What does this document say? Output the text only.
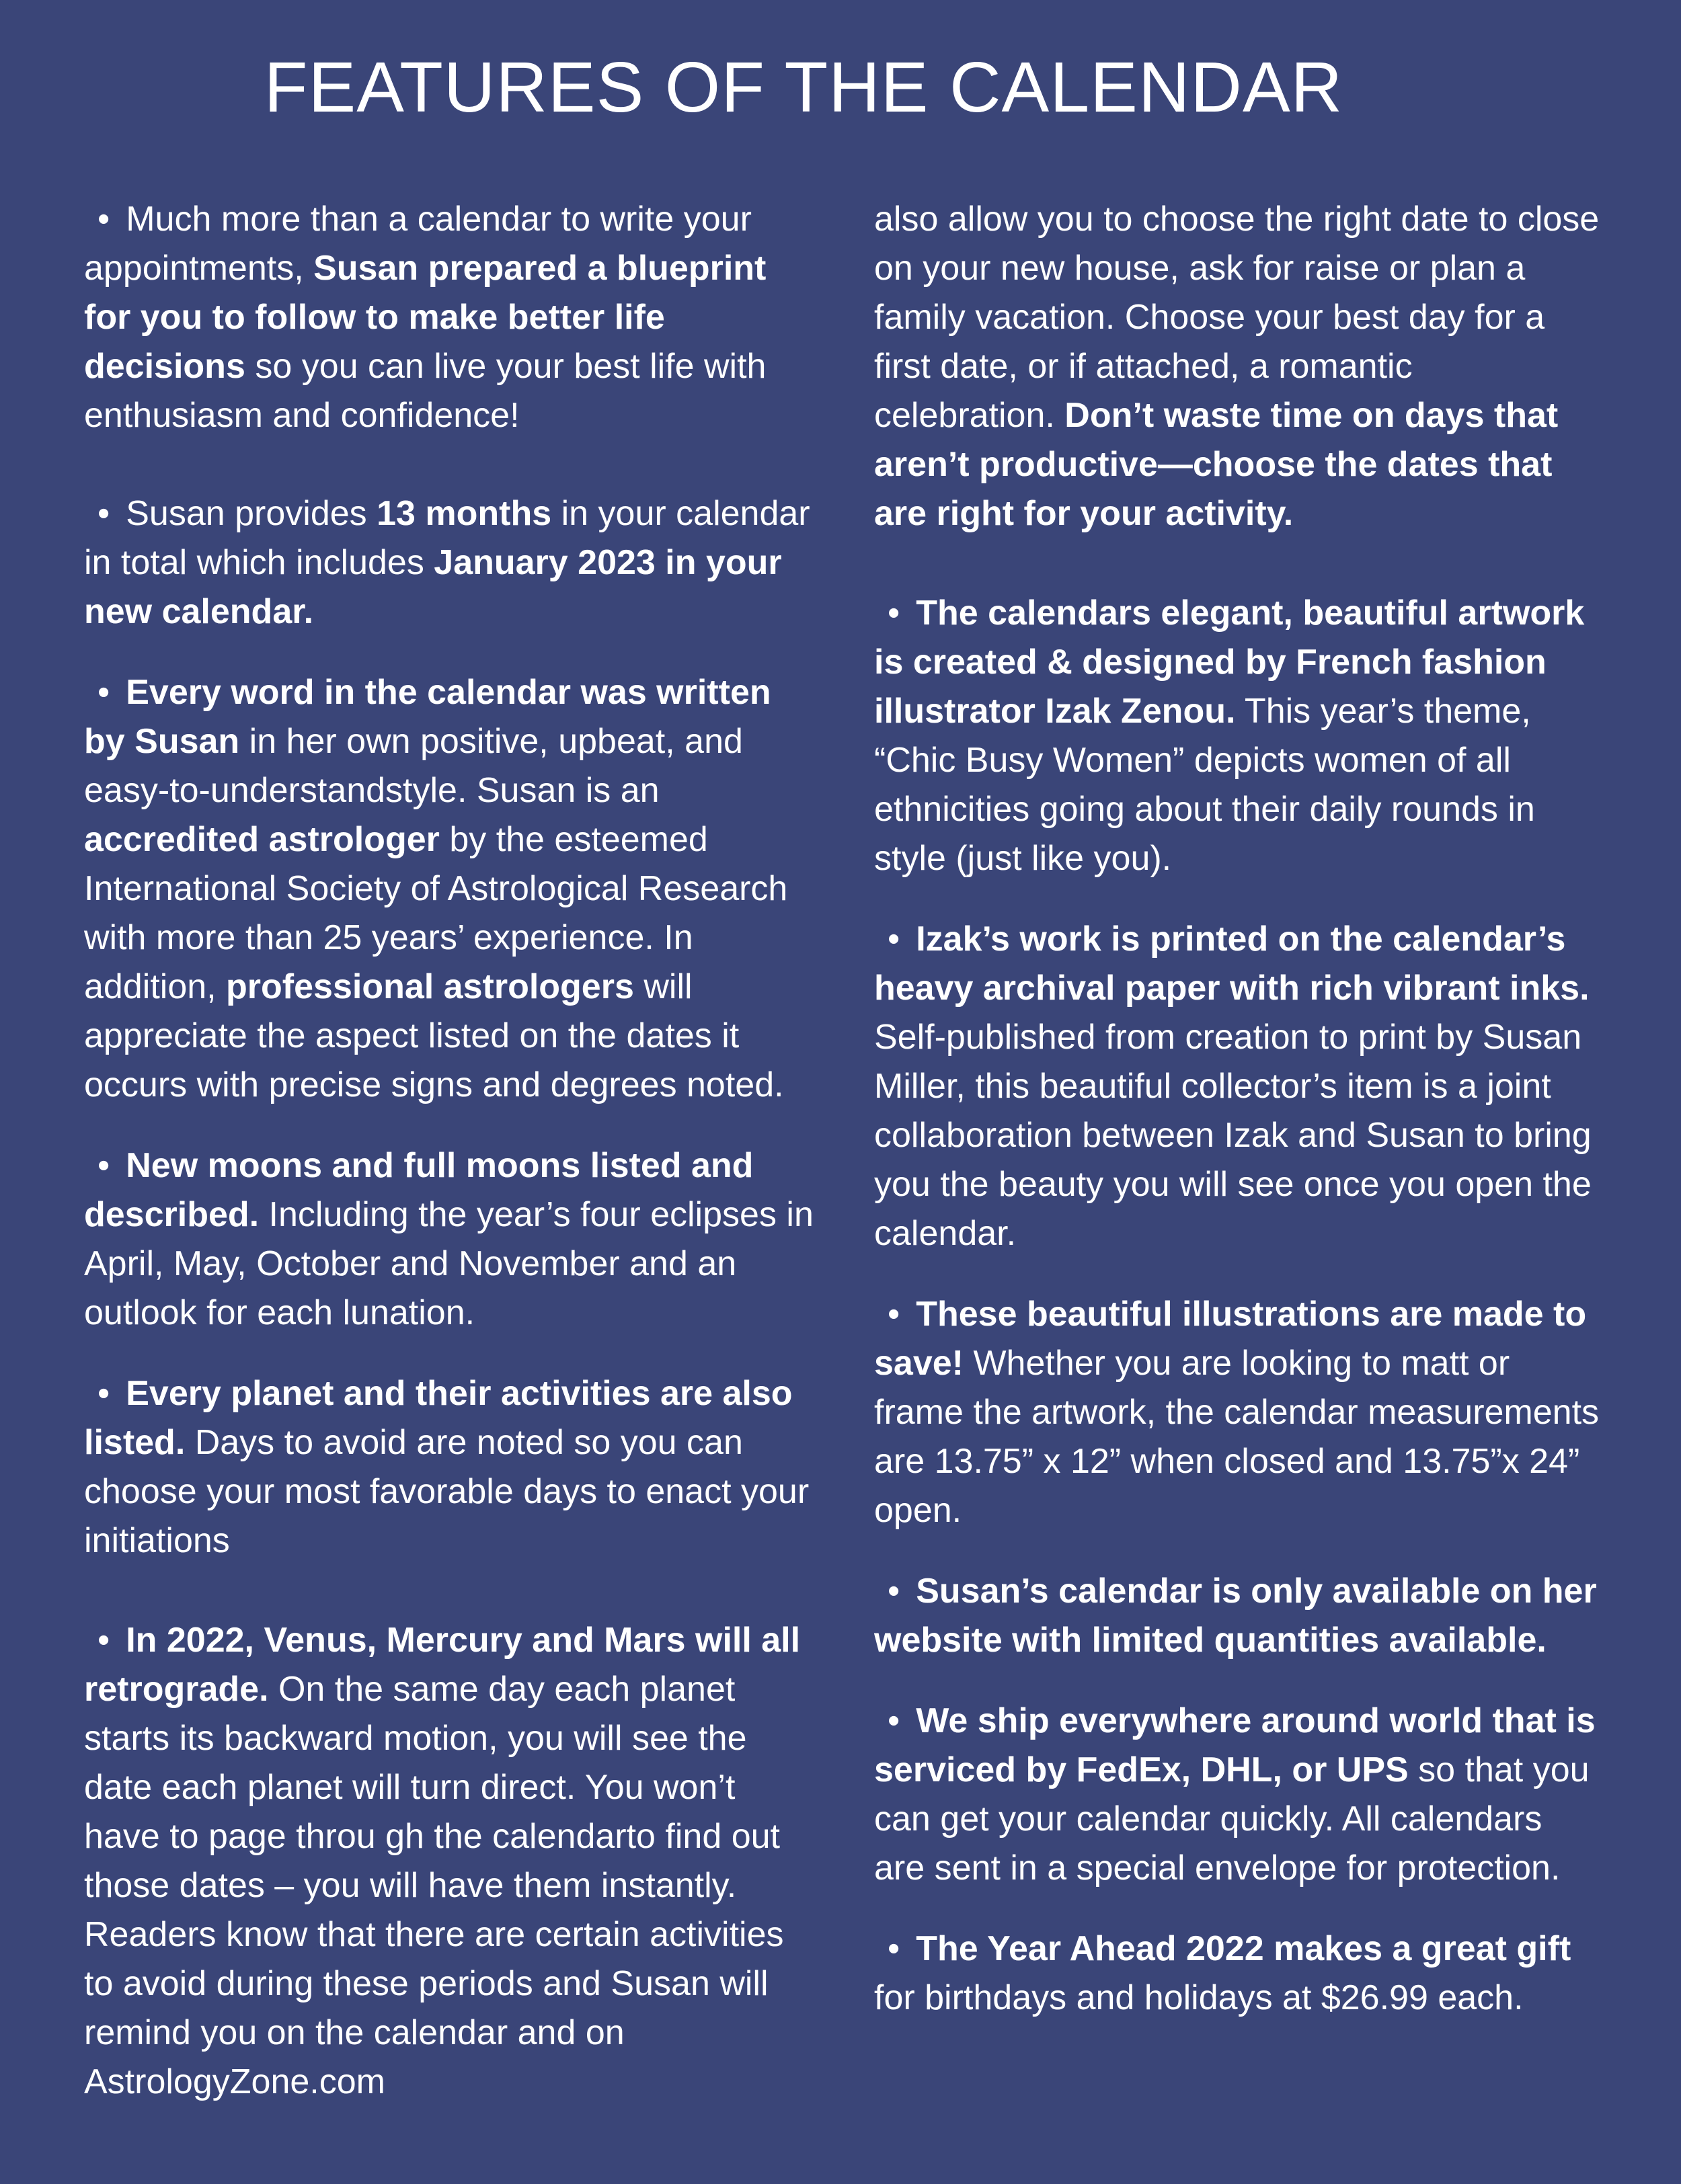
FEATURES OF THE CALENDAR

• Much more than a calendar to write your appointments, Susan prepared a blueprint for you to follow to make better life decisions so you can live your best life with enthusiasm and confidence!

• Susan provides 13 months in your calendar in total which includes January 2023 in your new calendar.

• Every word in the calendar was written by Susan in her own positive, upbeat, and easy-to-understandstyle. Susan is an accredited astrologer by the esteemed International Society of Astrological Research with more than 25 years’ experience. In addition, professional astrologers will appreciate the aspect listed on the dates it occurs with precise signs and degrees noted.

• New moons and full moons listed and described. Including the year’s four eclipses in April, May, October and November and an outlook for each lunation.

• Every planet and their activities are also listed. Days to avoid are noted so you can choose your most favorable days to enact your initiations

• In 2022, Venus, Mercury and Mars will all retrograde. On the same day each planet starts its backward motion, you will see the date each planet will turn direct. You won’t have to page throu gh the calendarto find out those dates – you will have them instantly. Readers know that there are certain activities to avoid during these periods and Susan will remind you on the calendar and on AstrologyZone.com

also allow you to choose the right date to close on your new house, ask for raise or plan a family vacation. Choose your best day for a first date, or if attached, a romantic celebration. Don’t waste time on days that aren’t productive—choose the dates that are right for your activity.

• The calendars elegant, beautiful artwork is created & designed by French fashion illustrator Izak Zenou. This year’s theme, “Chic Busy Women” depicts women of all ethnicities going about their daily rounds in style (just like you).

• Izak’s work is printed on the calendar’s heavy archival paper with rich vibrant inks. Self-published from creation to print by Susan Miller, this beautiful collector’s item is a joint collaboration between Izak and Susan to bring you the beauty you will see once you open the calendar.

• These beautiful illustrations are made to save! Whether you are looking to matt or frame the artwork, the calendar measurements are 13.75” x 12” when closed and 13.75”x 24” open.

• Susan’s calendar is only available on her website with limited quantities available.

• We ship everywhere around world that is serviced by FedEx, DHL, or UPS so that you can get your calendar quickly. All calendars are sent in a special envelope for protection.

• The Year Ahead 2022 makes a great gift for birthdays and holidays at $26.99 each.
